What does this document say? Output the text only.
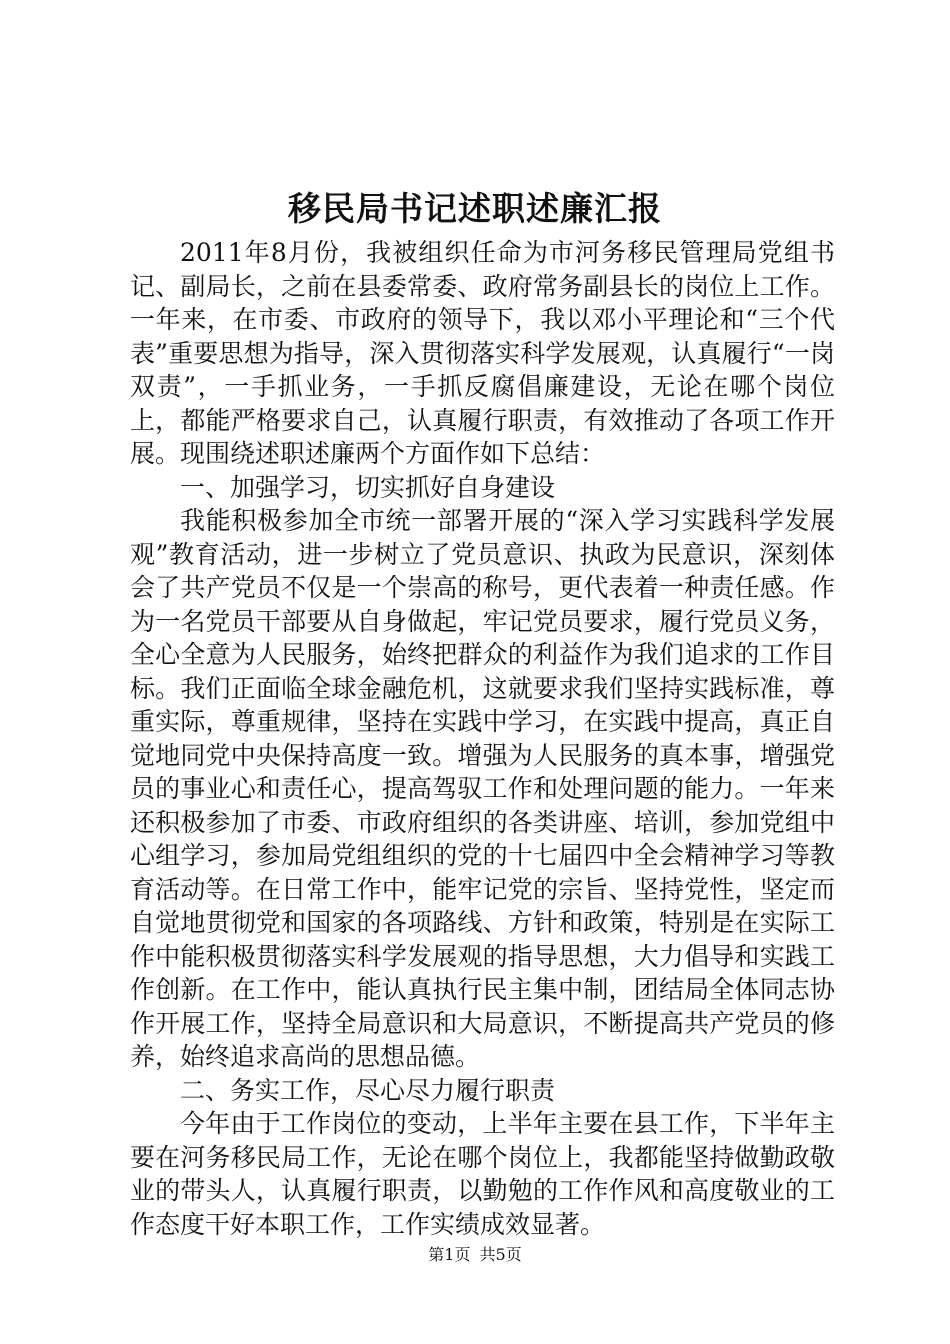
移民局书记述职述廉汇报

2011年8月份，我被组织任命为市河务移民管理局党组书记、副局长，之前在县委常委、政府常务副县长的岗位上工作。一年来，在市委、市政府的领导下，我以邓小平理论和“三个代表”重要思想为指导，深入贯彻落实科学发展观，认真履行“一岗双责”，一手抓业务，一手抓反腐倡廉建设，无论在哪个岗位上，都能严格要求自己，认真履行职责，有效推动了各项工作开展。现围绕述职述廉两个方面作如下总结：

一、加强学习，切实抓好自身建设

我能积极参加全市统一部署开展的“深入学习实践科学发展观”教育活动，进一步树立了党员意识、执政为民意识，深刻体会了共产党员不仅是一个崇高的称号，更代表着一种责任感。作为一名党员干部要从自身做起，牢记党员要求，履行党员义务，全心全意为人民服务，始终把群众的利益作为我们追求的工作目标。我们正面临全球金融危机，这就要求我们坚持实践标准，尊重实际，尊重规律，坚持在实践中学习，在实践中提高，真正自觉地同党中央保持高度一致。增强为人民服务的真本事，增强党员的事业心和责任心，提高驾驭工作和处理问题的能力。一年来还积极参加了市委、市政府组织的各类讲座、培训，参加党组中心组学习，参加局党组组织的党的十七届四中全会精神学习等教育活动等。在日常工作中，能牢记党的宗旨、坚持党性，坚定而自觉地贯彻党和国家的各项路线、方针和政策，特别是在实际工作中能积极贯彻落实科学发展观的指导思想，大力倡导和实践工作创新。在工作中，能认真执行民主集中制，团结局全体同志协作开展工作，坚持全局意识和大局意识，不断提高共产党员的修养，始终追求高尚的思想品德。

二、务实工作，尽心尽力履行职责

今年由于工作岗位的变动，上半年主要在县工作，下半年主要在河务移民局工作，无论在哪个岗位上，我都能坚持做勤政敬业的带头人，认真履行职责，以勤勉的工作作风和高度敬业的工作态度干好本职工作，工作实绩成效显著。

第1页 共5页
